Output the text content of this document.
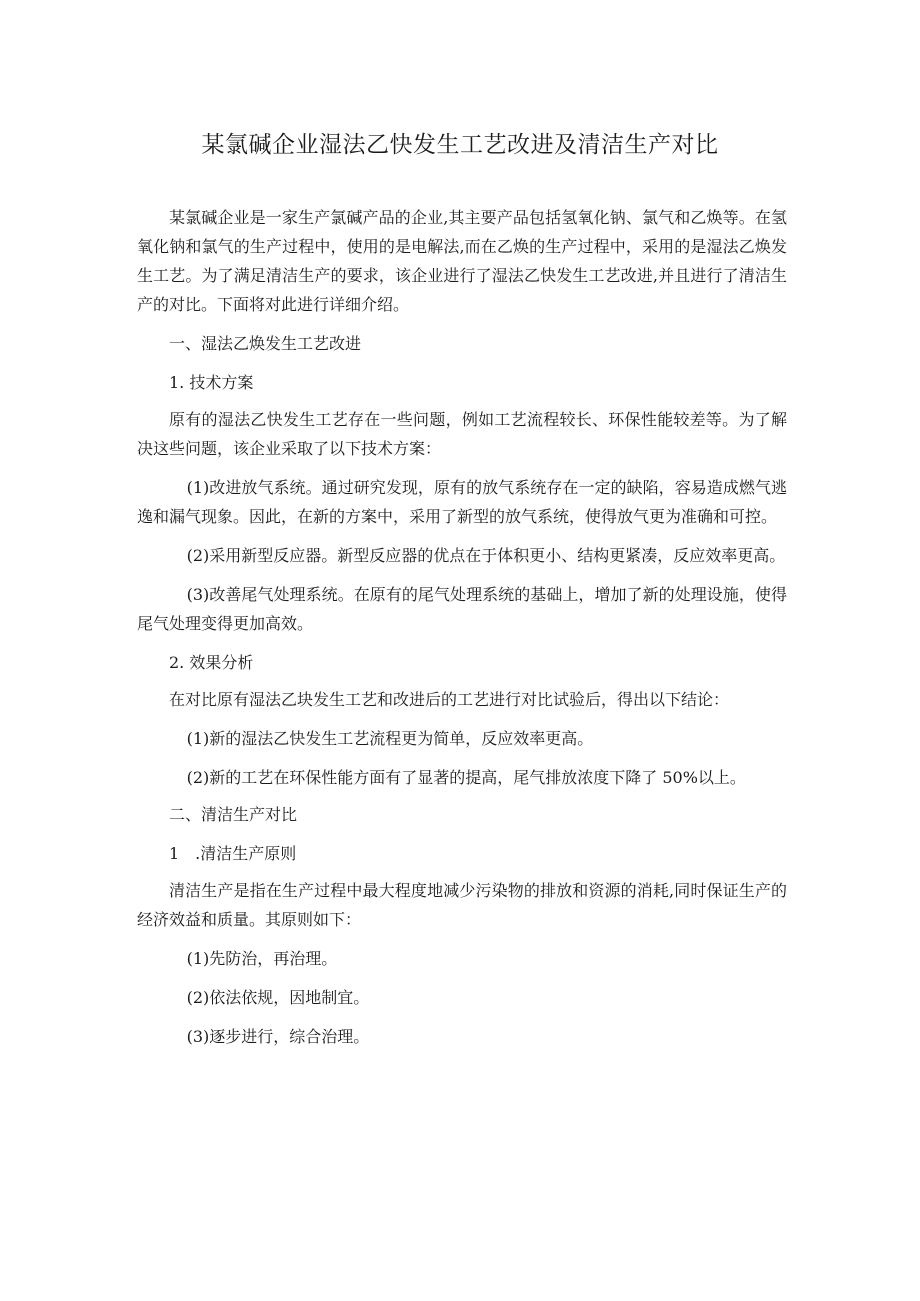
某氯碱企业湿法乙快发生工艺改进及清洁生产对比

某氯碱企业是一家生产氯碱产品的企业,其主要产品包括氢氧化钠、氯气和乙焕等。在氢氧化钠和氯气的生产过程中，使用的是电解法,而在乙焕的生产过程中，采用的是湿法乙焕发生工艺。为了满足清洁生产的要求，该企业进行了湿法乙快发生工艺改进,并且进行了清洁生产的对比。下面将对此进行详细介绍。

一、湿法乙焕发生工艺改进

1. 技术方案

原有的湿法乙快发生工艺存在一些问题，例如工艺流程较长、环保性能较差等。为了解决这些问题，该企业采取了以下技术方案：

(1)改进放气系统。通过研究发现，原有的放气系统存在一定的缺陷，容易造成燃气逃逸和漏气现象。因此，在新的方案中，采用了新型的放气系统，使得放气更为准确和可控。

(2)采用新型反应器。新型反应器的优点在于体积更小、结构更紧凑，反应效率更高。

(3)改善尾气处理系统。在原有的尾气处理系统的基础上，增加了新的处理设施，使得尾气处理变得更加高效。

2. 效果分析

在对比原有湿法乙块发生工艺和改进后的工艺进行对比试验后，得出以下结论：

(1)新的湿法乙快发生工艺流程更为简单，反应效率更高。

(2)新的工艺在环保性能方面有了显著的提高，尾气排放浓度下降了 50%以上。

二、清洁生产对比

1　.清洁生产原则

清洁生产是指在生产过程中最大程度地减少污染物的排放和资源的消耗,同时保证生产的经济效益和质量。其原则如下：

(1)先防治，再治理。

(2)依法依规，因地制宜。

(3)逐步进行，综合治理。
